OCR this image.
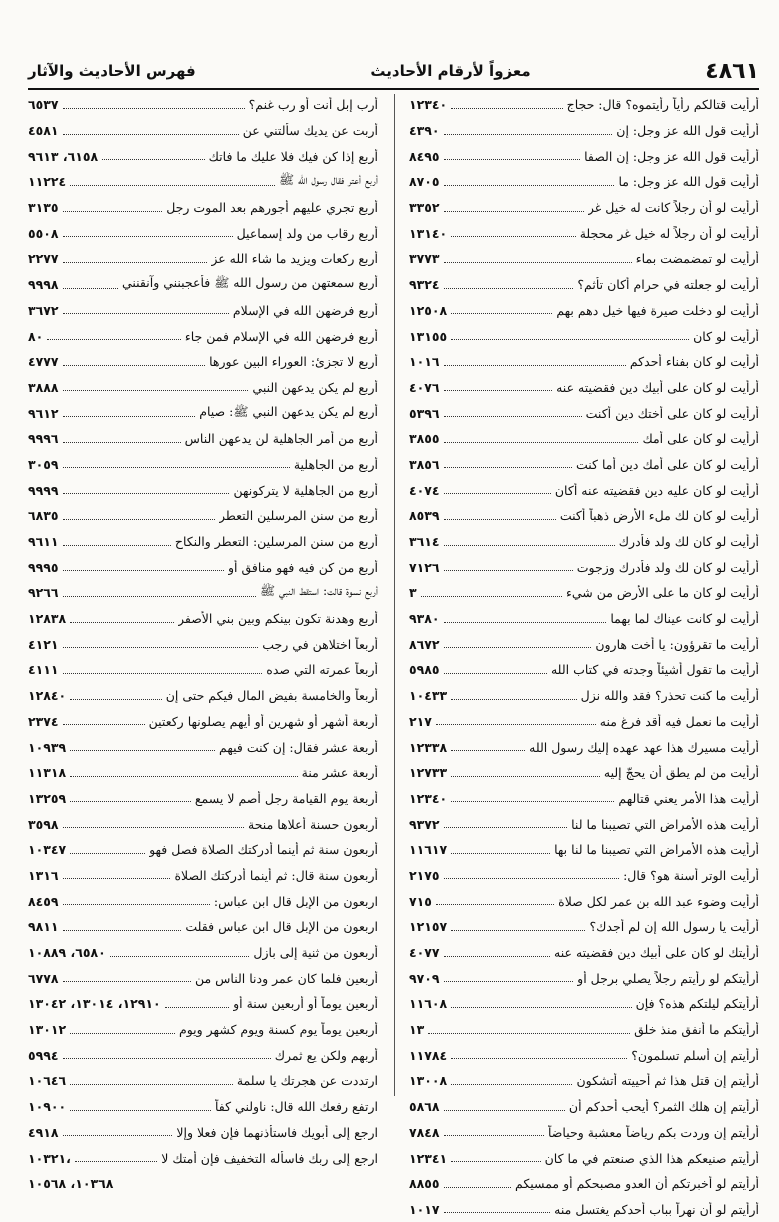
٤٨٦١
معزواً لأرقام الأحاديث
فهرس الأحاديث والآثار
أرأيت قتالكم رأياً رأيتموه؟ قال: حجاج
١٢٣٤٠
أرأيت قول الله عز وجل: إن
٤٣٩٠
أرأيت قول الله عز وجل: إن الصفا
٨٤٩٥
أرأيت قول الله عز وجل: ما
٨٧٠٥
أرأيت لو أن رجلاً كانت له خيل غر
٣٣٥٢
أرأيت لو أن رجلاً له خيل غر محجلة
١٣١٤٠
أرأيت لو تمضمضت بماء
٣٧٧٣
أرأيت لو جعلته في حرام أكان تأثم؟
٩٣٢٤
أرأيت لو دخلت صيرة فيها خيل دهم بهم
١٢٥٠٨
أرأيت لو كان
١٣١٥٥
أرأيت لو كان بفناء أحدكم
١٠١٦
أرأيت لو كان على أبيك دين فقضيته عنه
٤٠٧٦
أرأيت لو كان على أختك دين أكنت
٥٣٩٦
أرأيت لو كان على أمك
٣٨٥٥
أرأيت لو كان على أمك دين أما كنت
٣٨٥٦
أرأيت لو كان عليه دين فقضيته عنه أكان
٤٠٧٤
أرأيت لو كان لك ملء الأرض ذهباً أكنت
٨٥٣٩
أرأيت لو كان لك ولد فأدرك
٣٦١٤
أرأيت لو كان لك ولد فأدرك وزجوت
٧١٢٦
أرأيت لو كان ما على الأرض من شيء
٣
أرأيت لو كانت عيناك لما بهما
٩٣٨٠
أرأيت ما تقرؤون: يا أخت هارون
٨٦٧٢
أرأيت ما تقول أشيئاً وجدته في كتاب الله
٥٩٨٥
أرأيت ما كنت تحذر؟ فقد والله نزل
١٠٤٣٣
أرأيت ما نعمل فيه أقد فرغ منه
٢١٧
أرأيت مسيرك هذا عهد عهده إليك رسول الله
١٢٣٣٨
أرأيت من لم يطق أن يحجّ إليه
١٢٧٣٣
أرأيت هذا الأمر يعني قتالهم
١٢٣٤٠
أرأيت هذه الأمراض التي تصيبنا ما لنا
٩٣٧٢
أرأيت هذه الأمراض التي تصيبنا ما لنا بها
١١٦١٧
أرأيت الوتر أسنة هو؟ قال:
٢١٧٥
أرأيت وضوء عبد الله بن عمر لكل صلاة
٧١٥
أرأيت يا رسول الله إن لم أجدك؟
١٢١٥٧
أرأيتك لو كان على أبيك دين فقضيته عنه
٤٠٧٧
أرأيتكم لو رأيتم رجلاً يصلي برجل أو
٩٧٠٩
أرأيتكم ليلتكم هذه؟ فإن
١١٦٠٨
أرأيتكم ما أنفق منذ خلق
١٣
أرأيتم إن أسلم تسلمون؟
١١٧٨٤
أرأيتم إن قتل هذا ثم أحييته أتشكون
١٣٠٠٨
أرأيتم إن هلك الثمر؟ أيحب أحدكم أن
٥٨٦٨
أرأيتم إن وردت بكم رياضاً معشبة وحياضاً
٧٨٤٨
أرأيتم صنيعكم هذا الذي صنعتم في ما كان
١٢٣٤١
أرأيتم لو أخبرتكم أن العدو مصبحكم أو ممسيكم
٨٨٥٥
أرأيتم لو أن نهراً بباب أحدكم يغتسل منه
١٠١٧
أرب إبل أنت أو رب غنم؟
٦٥٣٧
أربت عن يديك سألتني عن
٤٥٨١
أربع إذا كن فيك فلا عليك ما فاتك
٦١٥٨، ٩٦١٣
أربع أعتر فقال رسول الله ﷺ
١١٢٢٤
أربع تجري عليهم أجورهم بعد الموت رجل
٣١٣٥
أربع رقاب من ولد إسماعيل
٥٥٠٨
أربع ركعات ويزيد ما شاء الله عز
٢٢٧٧
أربع سمعتهن من رسول الله ﷺ فأعجبنني وآنقنني
٩٩٩٨
أربع فرضهن الله في الإسلام
٣٦٧٢
أربع فرضهن الله في الإسلام فمن جاء
٨٠
أربع لا تجزئ: العوراء البين عورها
٤٧٧٧
أربع لم يكن يدعهن النبي
٣٨٨٨
أربع لم يكن يدعهن النبي ﷺ: صيام
٩٦١٢
أربع من أمر الجاهلية لن يدعهن الناس
٩٩٩٦
أربع من الجاهلية
٣٠٥٩
أربع من الجاهلية لا يتركونهن
٩٩٩٩
أربع من سنن المرسلين التعطر
٦٨٣٥
أربع من سنن المرسلين: التعطر والنكاح
٩٦١١
أربع من كن فيه فهو منافق أو
٩٩٩٥
أربع نسوة قالت: استقط النبي ﷺ
٩٢٦٦
أربع وهدنة تكون بينكم وبين بني الأصفر
١٢٨٣٨
أربعاً اختلاهن في رجب
٤١٢١
أربعاً عمرته التي صده
٤١١١
أربعاً والخامسة بفيض المال فيكم حتى إن
١٢٨٤٠
أربعة أشهر أو شهرين أو أيهم يصلونها ركعتين
٢٣٧٤
أربعة عشر فقال: إن كنت فيهم
١٠٩٣٩
أربعة عشر منة
١١٣١٨
أربعة يوم القيامة رجل أصم لا يسمع
١٣٢٥٩
أربعون حسنة أعلاها منحة
٣٥٩٨
أربعون سنة ثم أينما أدركتك الصلاة فصل فهو
١٠٣٤٧
أربعون سنة قال: ثم أينما أدركتك الصلاة
١٣١٦
اربعون من الإبل قال ابن عباس:
٨٤٥٩
اربعون من الإبل قال ابن عباس فقلت
٩٨١١
أربعون من ثنية إلى بازل
٦٥٨٠، ١٠٨٨٩
أربعين فلما كان عمر ودنا الناس من
٦٧٧٨
أربعين يوماً أو أربعين سنة أو
١٢٩١٠، ١٣٠١٤، ١٣٠٤٢
أربعين يوماً يوم كسنة ويوم كشهر ويوم
١٣٠١٢
أربهم ولكن يع ثمرك
٥٩٩٤
ارتددت عن هجرتك يا سلمة
١٠٦٤٦
ارتفع رفعك الله قال: ناولني كفاً
١٠٩٠٠
ارجع إلى أبويك فاستأذنهما فإن فعلا وإلا
٤٩١٨
ارجع إلى ربك فاسأله التخفيف فإن أمتك لا
١٠٣٢١،
١٠٣٦٨، ١٠٥٦٨
